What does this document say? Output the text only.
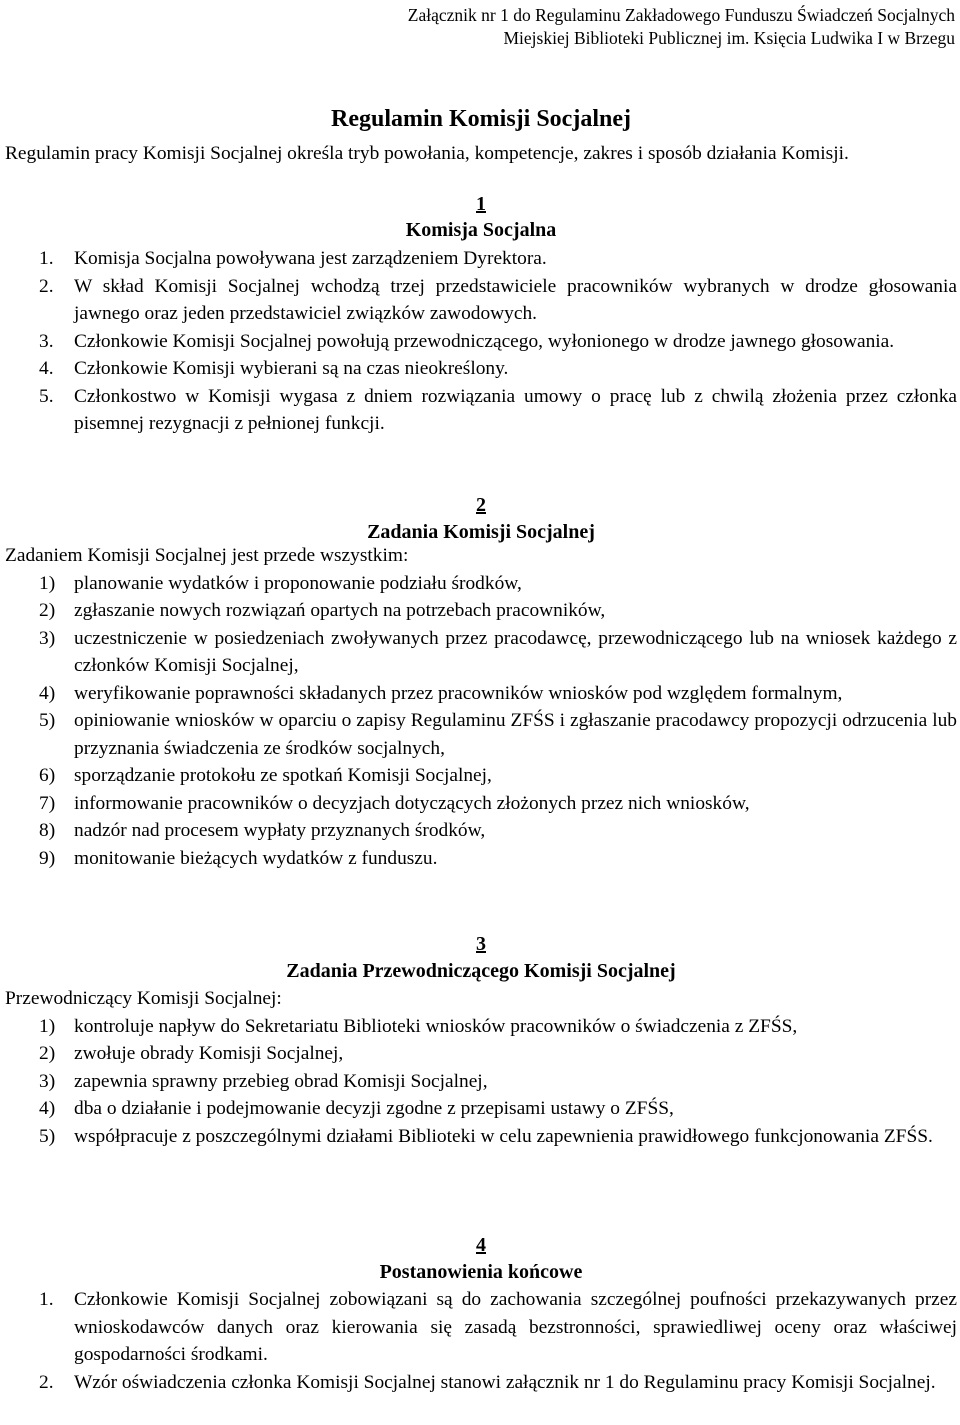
Załącznik nr 1 do Regulaminu Zakładowego Funduszu Świadczeń Socjalnych
Miejskiej Biblioteki Publicznej im. Księcia Ludwika I w Brzegu
Regulamin Komisji Socjalnej
Regulamin pracy Komisji Socjalnej określa tryb powołania, kompetencje, zakres i sposób działania Komisji.
1
Komisja Socjalna
1. Komisja Socjalna powoływana jest zarządzeniem Dyrektora.
2. W skład Komisji Socjalnej wchodzą trzej przedstawiciele pracowników wybranych w drodze głosowania jawnego oraz jeden przedstawiciel związków zawodowych.
3. Członkowie Komisji Socjalnej powołują przewodniczącego, wyłonionego w drodze jawnego głosowania.
4. Członkowie Komisji wybierani są na czas nieokreślony.
5. Członkostwo w Komisji wygasa z dniem rozwiązania umowy o pracę lub z chwilą złożenia przez członka pisemnej rezygnacji z pełnionej funkcji.
2
Zadania Komisji Socjalnej

Zadaniem Komisji Socjalnej jest przede wszystkim:

1) planowanie wydatków i proponowanie podziału środków,
2) zgłaszanie nowych rozwiązań opartych na potrzebach pracowników,
3) uczestniczenie w posiedzeniach zwoływanych przez pracodawcę, przewodniczącego lub na wniosek każdego z członków Komisji Socjalnej,
4) weryfikowanie poprawności składanych przez pracowników wniosków pod względem formalnym,
5) opiniowanie wniosków w oparciu o zapisy Regulaminu ZFŚS i zgłaszanie pracodawcy propozycji odrzucenia lub przyznania świadczenia ze środków socjalnych,
6) sporządzanie protokołu ze spotkań Komisji Socjalnej,
7) informowanie pracowników o decyzjach dotyczących złożonych przez nich wniosków,
8) nadzór nad procesem wypłaty przyznanych środków,
9) monitowanie bieżących wydatków z funduszu.
3
Zadania Przewodniczącego Komisji Socjalnej

Przewodniczący Komisji Socjalnej:

1) kontroluje napływ do Sekretariatu Biblioteki wniosków pracowników o świadczenia z ZFŚS,
2) zwołuje obrady Komisji Socjalnej,
3) zapewnia sprawny przebieg obrad Komisji Socjalnej,
4) dba o działanie i podejmowanie decyzji zgodne z przepisami ustawy o ZFŚS,
5) współpracuje z poszczególnymi działami Biblioteki w celu zapewnienia prawidłowego funkcjonowania ZFŚS.
4
Postanowienia końcowe
1. Członkowie Komisji Socjalnej zobowiązani są do zachowania szczególnej poufności przekazywanych przez wnioskodawców danych oraz kierowania się zasadą bezstronności, sprawiedliwej oceny oraz właściwej gospodarności środkami.
2. Wzór oświadczenia członka Komisji Socjalnej stanowi załącznik nr 1 do Regulaminu pracy Komisji Socjalnej.
